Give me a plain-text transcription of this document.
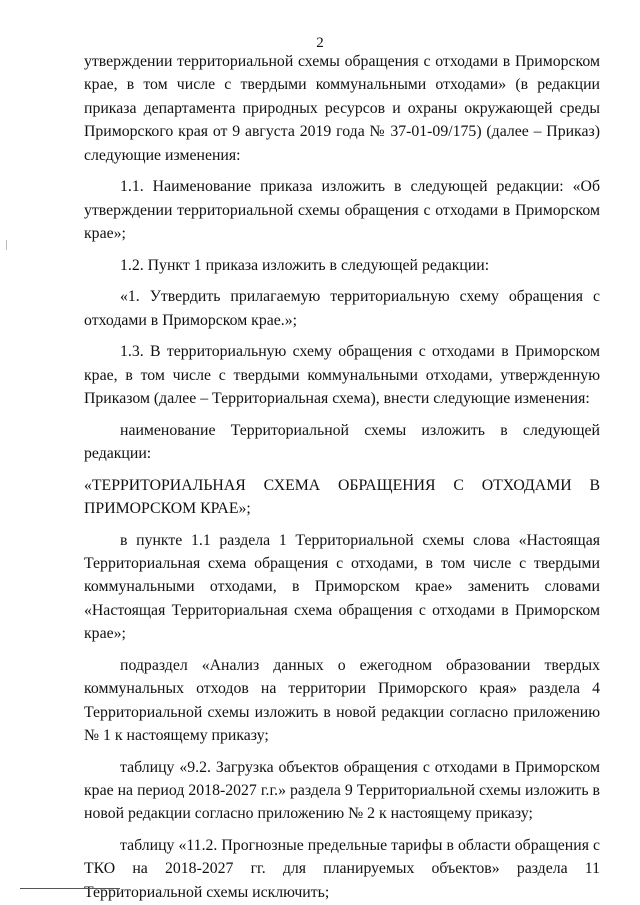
2

утверждении территориальной схемы обращения с отходами в Приморском крае, в том числе с твердыми коммунальными отходами» (в редакции приказа департамента природных ресурсов и охраны окружающей среды Приморского края от 9 августа 2019 года № 37-01-09/175) (далее – Приказ) следующие изменения:

1.1. Наименование приказа изложить в следующей редакции: «Об утверждении территориальной схемы обращения с отходами в Приморском крае»;

1.2. Пункт 1 приказа изложить в следующей редакции:

«1. Утвердить прилагаемую территориальную схему обращения с отходами в Приморском крае.»;

1.3. В территориальную схему обращения с отходами в Приморском крае, в том числе с твердыми коммунальными отходами, утвержденную Приказом (далее – Территориальная схема), внести следующие изменения:

наименование Территориальной схемы изложить в следующей редакции:

«ТЕРРИТОРИАЛЬНАЯ СХЕМА ОБРАЩЕНИЯ С ОТХОДАМИ В
ПРИМОРСКОМ КРАЕ»;

в пункте 1.1 раздела 1 Территориальной схемы слова «Настоящая Территориальная схема обращения с отходами, в том числе с твердыми коммунальными отходами, в Приморском крае» заменить словами «Настоящая Территориальная схема обращения с отходами в Приморском крае»;

подраздел «Анализ данных о ежегодном образовании твердых коммунальных отходов на территории Приморского края» раздела 4 Территориальной схемы изложить в новой редакции согласно приложению № 1 к настоящему приказу;

таблицу «9.2. Загрузка объектов обращения с отходами в Приморском крае на период 2018-2027 г.г.» раздела 9 Территориальной схемы изложить в новой редакции согласно приложению № 2 к настоящему приказу;

таблицу «11.2. Прогнозные предельные тарифы в области обращения с ТКО на 2018-2027 гг. для планируемых объектов» раздела 11 Территориальной схемы исключить;
